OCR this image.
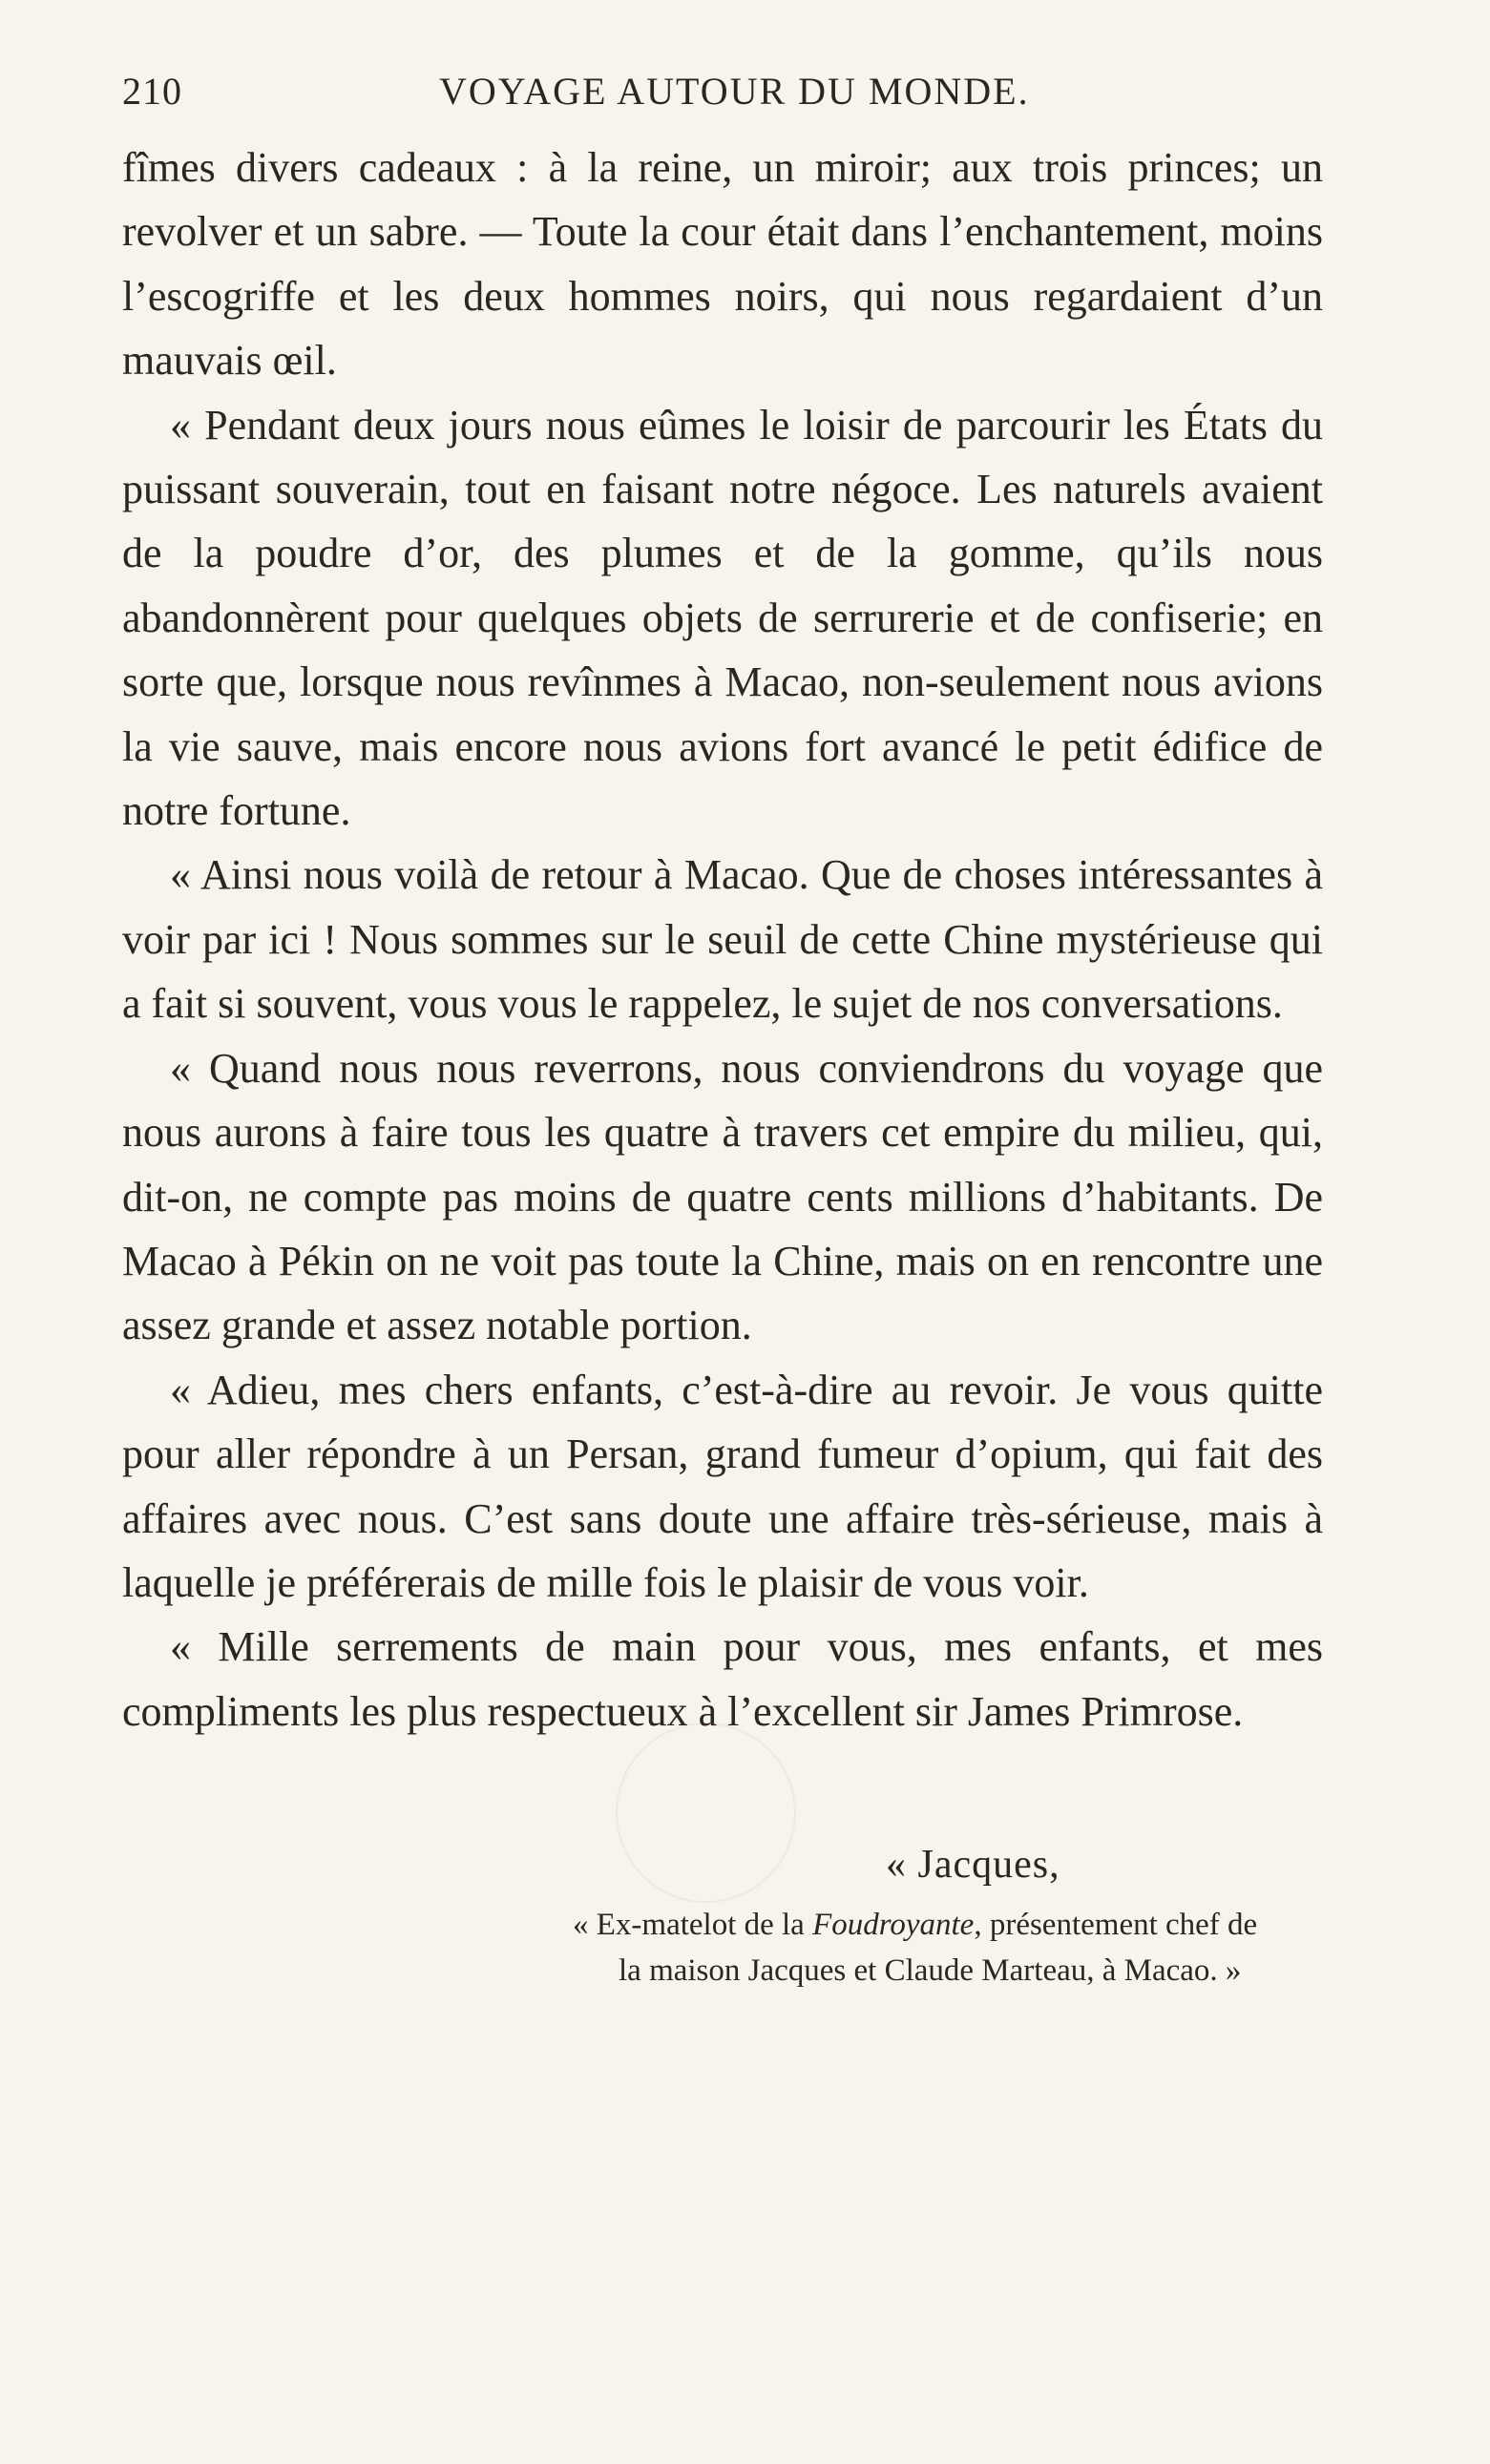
210	VOYAGE AUTOUR DU MONDE.

fîmes divers cadeaux : à la reine, un miroir; aux trois princes; un revolver et un sabre. — Toute la cour était dans l’enchantement, moins l’escogriffe et les deux hommes noirs, qui nous regardaient d’un mauvais œil.

« Pendant deux jours nous eûmes le loisir de parcourir les États du puissant souverain, tout en faisant notre négoce. Les naturels avaient de la poudre d’or, des plumes et de la gomme, qu’ils nous abandonnèrent pour quelques objets de serrurerie et de confiserie; en sorte que, lorsque nous revînmes à Macao, non-seulement nous avions la vie sauve, mais encore nous avions fort avancé le petit édifice de notre fortune.

« Ainsi nous voilà de retour à Macao. Que de choses intéressantes à voir par ici ! Nous sommes sur le seuil de cette Chine mystérieuse qui a fait si souvent, vous vous le rappelez, le sujet de nos conversations.

« Quand nous nous reverrons, nous conviendrons du voyage que nous aurons à faire tous les quatre à travers cet empire du milieu, qui, dit-on, ne compte pas moins de quatre cents millions d’habitants. De Macao à Pékin on ne voit pas toute la Chine, mais on en rencontre une assez grande et assez notable portion.

« Adieu, mes chers enfants, c’est-à-dire au revoir. Je vous quitte pour aller répondre à un Persan, grand fumeur d’opium, qui fait des affaires avec nous. C’est sans doute une affaire très-sérieuse, mais à laquelle je préférerais de mille fois le plaisir de vous voir.

« Mille serrements de main pour vous, mes enfants, et mes compliments les plus respectueux à l’excellent sir James Primrose.

« Jacques,
« Ex-matelot de la Foudroyante, présentement chef de
la maison Jacques et Claude Marteau, à Macao. »
